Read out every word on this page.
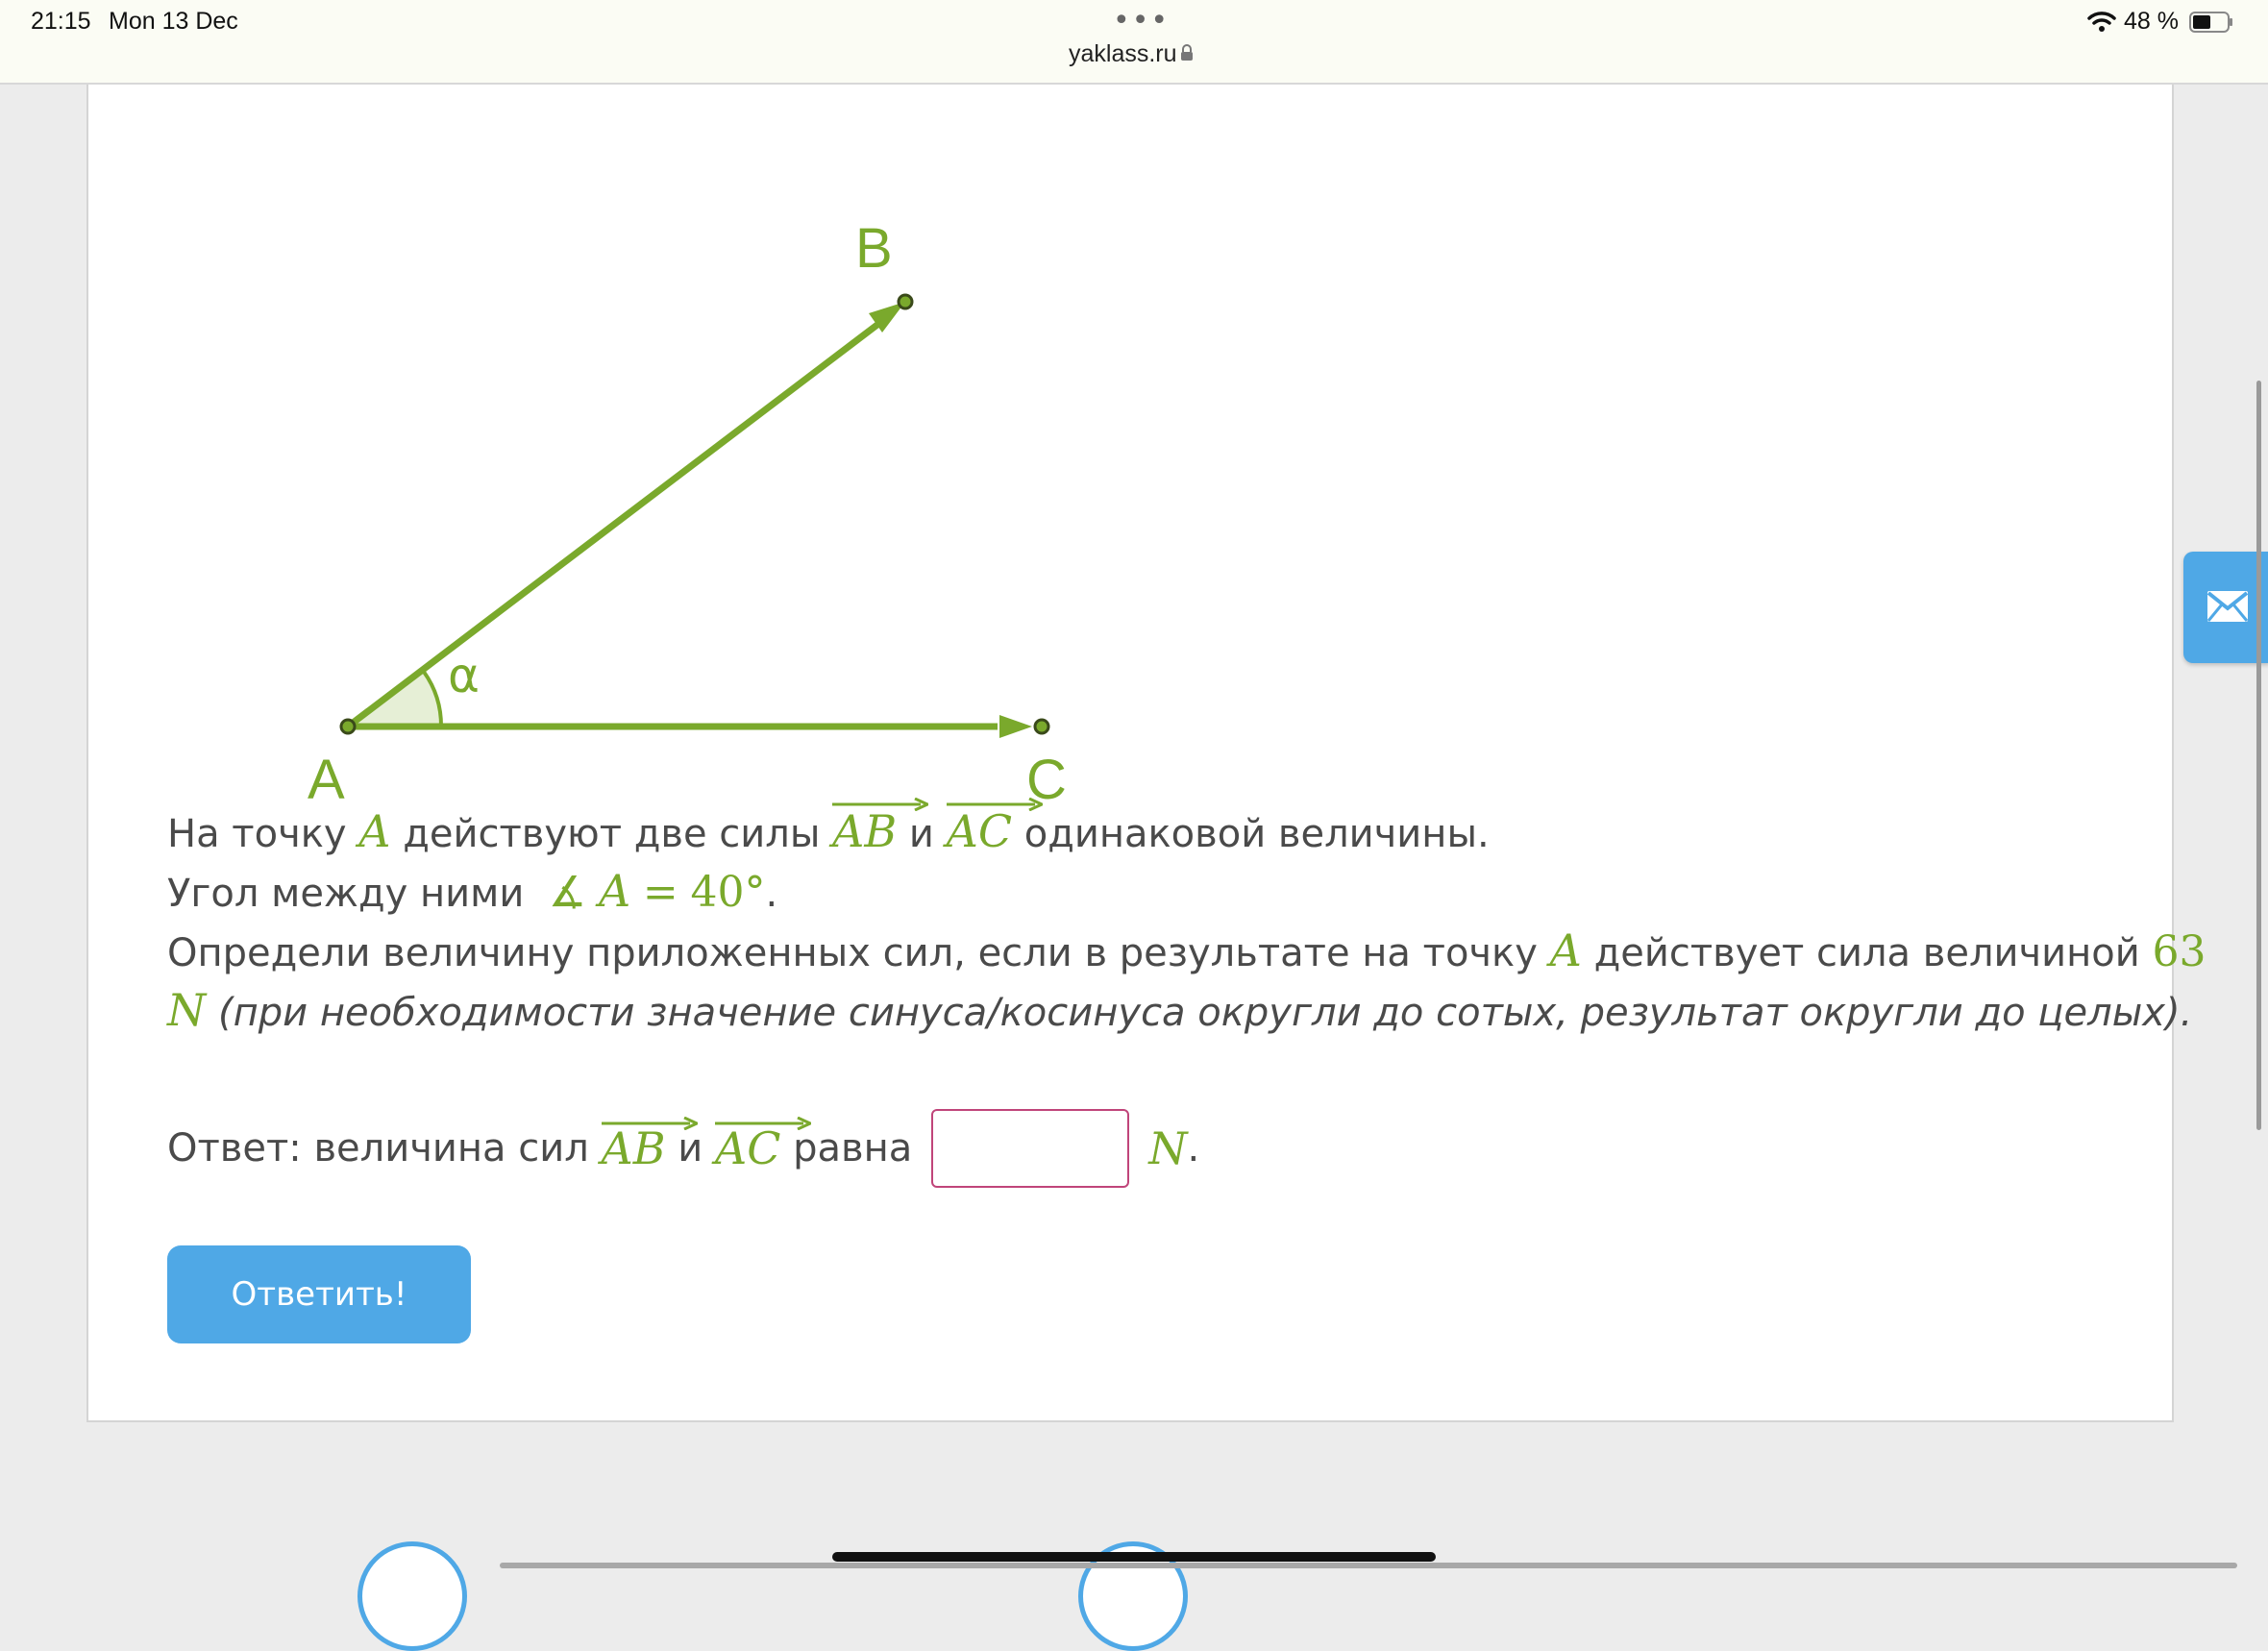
21:15 Mon 13 Dec	•••
yaklass.ru
48 %
A
B
C
α
На точку A действуют две силы AB и AC одинаковой величины.
Угол между ними ∡ A = 40°.
Определи величину приложенных сил, если в результате на точку A действует сила величиной 63
N (при необходимости значение синуса/косинуса округли до сотых, результат округли до целых).
Ответ: величина сил
AB
и
AC
равна	N .
Ответить!
